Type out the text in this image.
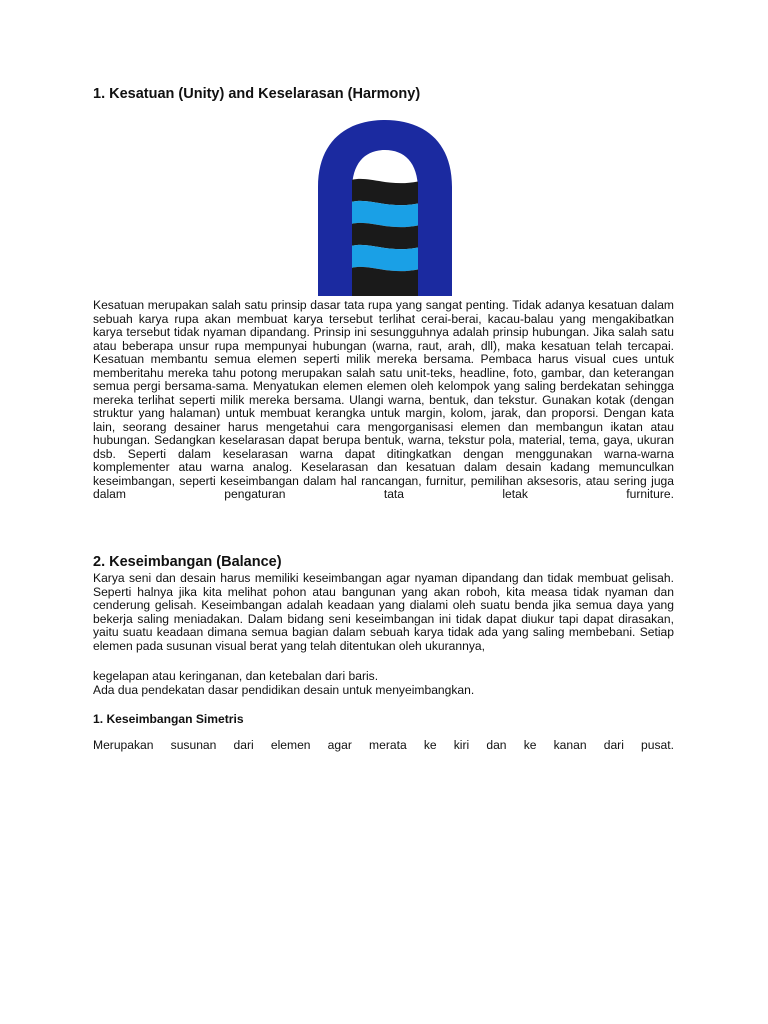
1. Kesatuan (Unity) and Keselarasan (Harmony)

Kesatuan merupakan salah satu prinsip dasar tata rupa yang sangat penting. Tidak adanya kesatuan dalam sebuah karya rupa akan membuat karya tersebut terlihat cerai-berai, kacau-balau yang mengakibatkan karya tersebut tidak nyaman dipandang. Prinsip ini sesungguhnya adalah prinsip hubungan. Jika salah satu atau beberapa unsur rupa mempunyai hubungan (warna, raut, arah, dll), maka kesatuan telah tercapai. Kesatuan membantu semua elemen seperti milik mereka bersama. Pembaca harus visual cues untuk memberitahu mereka tahu potong merupakan salah satu unit-teks, headline, foto, gambar, dan keterangan semua pergi bersama-sama. Menyatukan elemen elemen oleh kelompok yang saling berdekatan sehingga mereka terlihat seperti milik mereka bersama. Ulangi warna, bentuk, dan tekstur. Gunakan kotak (dengan struktur yang halaman) untuk membuat kerangka untuk margin, kolom, jarak, dan proporsi. Dengan kata lain, seorang desainer harus mengetahui cara mengorganisasi elemen dan membangun ikatan atau hubungan. Sedangkan keselarasan dapat berupa bentuk, warna, tekstur pola, material, tema, gaya, ukuran dsb. Seperti dalam keselarasan warna dapat ditingkatkan dengan menggunakan warna-warna komplementer atau warna analog. Keselarasan dan kesatuan dalam desain kadang memunculkan keseimbangan, seperti keseimbangan dalam hal rancangan, furnitur, pemilihan aksesoris, atau sering juga dalam pengaturan tata letak furniture.

2. Keseimbangan (Balance)

Karya seni dan desain harus memiliki keseimbangan agar nyaman dipandang dan tidak membuat gelisah. Seperti halnya jika kita melihat pohon atau bangunan yang akan roboh, kita measa tidak nyaman dan cenderung gelisah. Keseimbangan adalah keadaan yang dialami oleh suatu benda jika semua daya yang bekerja saling meniadakan. Dalam bidang seni keseimbangan ini tidak dapat diukur tapi dapat dirasakan, yaitu suatu keadaan dimana semua bagian dalam sebuah karya tidak ada yang saling membebani. Setiap elemen pada susunan visual berat yang telah ditentukan oleh ukurannya,

kegelapan atau keringanan, dan ketebalan dari baris.

Ada dua pendekatan dasar pendidikan desain untuk menyeimbangkan.

1. Keseimbangan Simetris

Merupakan susunan dari elemen agar merata ke kiri dan ke kanan dari pusat.
